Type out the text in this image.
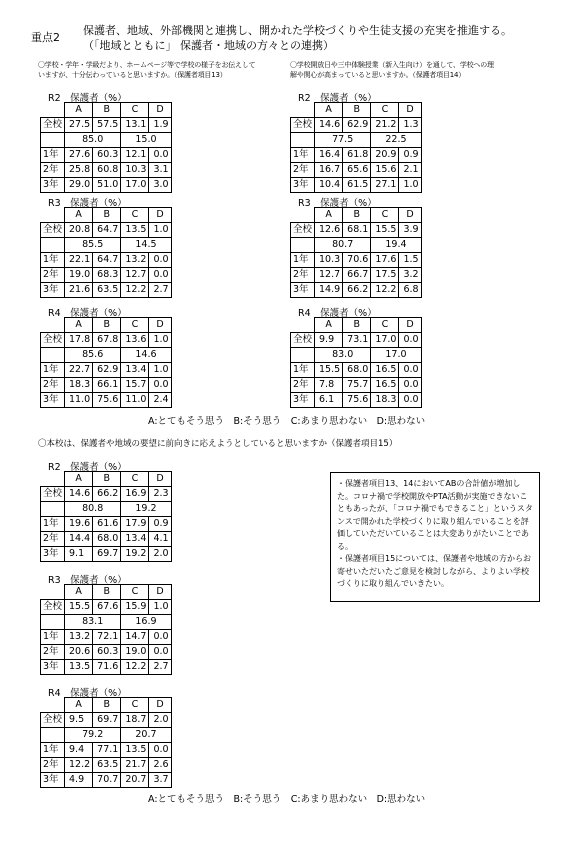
重点2
保護者、地域、外部機関と連携し、開かれた学校づくりや生徒支援の充実を推進する。
（「地域とともに」 保護者・地域の方々との連携）
〇学校・学年・学級だより、ホームページ等で学校の様子をお伝えして
いますが、十分伝わっていると思いますか。（保護者項目13）
〇学校開放日や三中体験授業（新入生向け）を通して、学校への理
解や関心が高まっていると思いますか。（保護者項目14）
〇本校は、保護者や地域の要望に前向きに応えようとしていると思いますか（保護者項目15）
R2　 保護者（%）
	A	B	C	D
全校	27.5	57.5	13.1	1.9
	85.0		15.0	
1年	27.6	60.3	12.1	0.0
2年	25.8	60.8	10.3	3.1
3年	29.0	51.0	17.0	3.0
R2　 保護者（%）
	A	B	C	D
全校	14.6	62.9	21.2	1.3
	77.5		22.5	
1年	16.4	61.8	20.9	0.9
2年	16.7	65.6	15.6	2.1
3年	10.4	61.5	27.1	1.0
R3　 保護者（%）
	A	B	C	D
全校	20.8	64.7	13.5	1.0
	85.5		14.5	
1年	22.1	64.7	13.2	0.0
2年	19.0	68.3	12.7	0.0
3年	21.6	63.5	12.2	2.7
R3　 保護者（%）
	A	B	C	D
全校	12.6	68.1	15.5	3.9
	80.7		19.4	
1年	10.3	70.6	17.6	1.5
2年	12.7	66.7	17.5	3.2
3年	14.9	66.2	12.2	6.8
R4　 保護者（%）
	A	B	C	D
全校	17.8	67.8	13.6	1.0
	85.6		14.6	
1年	22.7	62.9	13.4	1.0
2年	18.3	66.1	15.7	0.0
3年	11.0	75.6	11.0	2.4
R4　 保護者（%）
	A	B	C	D
全校	9.9	73.1	17.0	0.0
	83.0		17.0	
1年	15.5	68.0	16.5	0.0
2年	7.8	75.7	16.5	0.0
3年	6.1	75.6	18.3	0.0
R2　 保護者（%）
	A	B	C	D
全校	14.6	66.2	16.9	2.3
	80.8		19.2	
1年	19.6	61.6	17.9	0.9
2年	14.4	68.0	13.4	4.1
3年	9.1	69.7	19.2	2.0
R3　 保護者（%）
	A	B	C	D
全校	15.5	67.6	15.9	1.0
	83.1		16.9	
1年	13.2	72.1	14.7	0.0
2年	20.6	60.3	19.0	0.0
3年	13.5	71.6	12.2	2.7
R4　 保護者（%）
	A	B	C	D
全校	9.5	69.7	18.7	2.0
	79.2		20.7	
1年	9.4	77.1	13.5	0.0
2年	12.2	63.5	21.7	2.6
3年	4.9	70.7	20.7	3.7
A:とてもそう思う　B:そう思う　C:あまり思わない　D:思わない
A:とてもそう思う　B:そう思う　C:あまり思わない　D:思わない
・保護者項目13、14においてABの合計値が増加した。コロナ禍で学校開放やPTA活動が実施できないこともあったが、「コロナ禍でもできること」というスタンスで開かれた学校づくりに取り組んでいることを評価していただいていることは大変ありがたいことである。
・保護者項目15については、保護者や地域の方からお寄せいただいたご意見を検討しながら、よりよい学校づくりに取り組んでいきたい。
